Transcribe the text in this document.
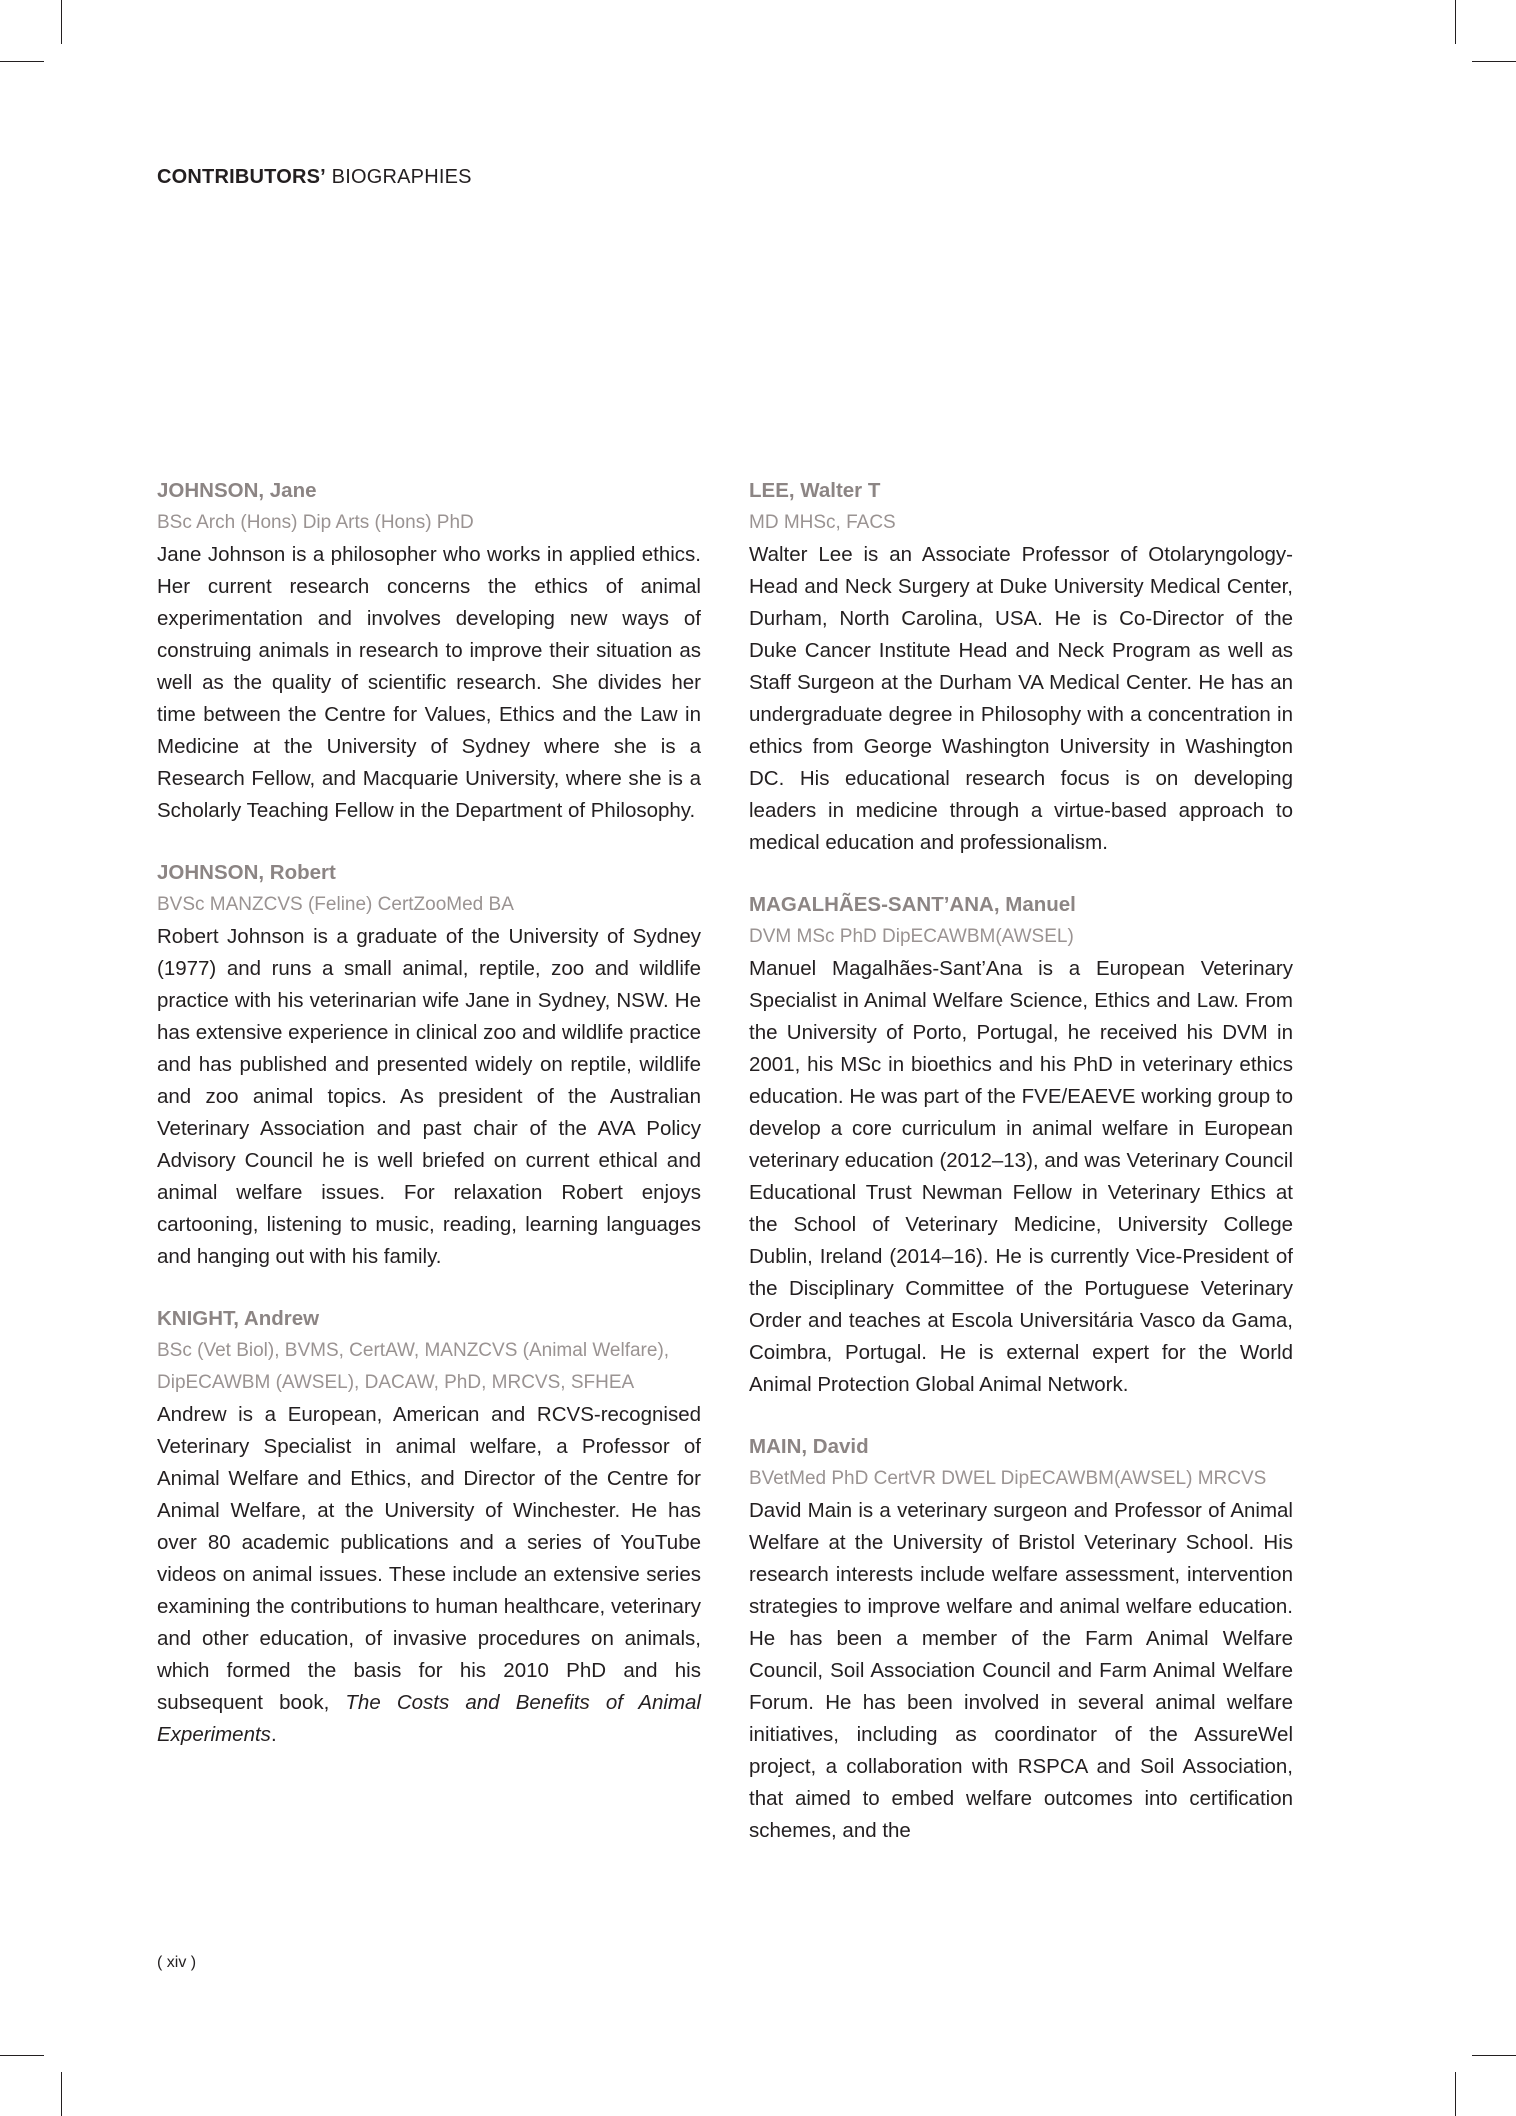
CONTRIBUTORS’ BIOGRAPHIES
JOHNSON, Jane
BSc Arch (Hons) Dip Arts (Hons) PhD
Jane Johnson is a philosopher who works in applied ethics. Her current research concerns the ethics of animal experimentation and involves developing new ways of construing animals in research to improve their situation as well as the quality of scientific research. She divides her time between the Centre for Values, Ethics and the Law in Medicine at the University of Sydney where she is a Research Fellow, and Macquarie University, where she is a Scholarly Teaching Fellow in the Department of Philosophy.
JOHNSON, Robert
BVSc MANZCVS (Feline) CertZooMed BA
Robert Johnson is a graduate of the University of Sydney (1977) and runs a small animal, reptile, zoo and wildlife practice with his veterinarian wife Jane in Sydney, NSW. He has extensive experience in clinical zoo and wildlife practice and has published and presented widely on reptile, wildlife and zoo animal topics. As president of the Australian Veterinary Association and past chair of the AVA Policy Advisory Council he is well briefed on current ethical and animal welfare issues. For relaxation Robert enjoys cartooning, listening to music, reading, learning languages and hanging out with his family.
KNIGHT, Andrew
BSc (Vet Biol), BVMS, CertAW, MANZCVS (Animal Welfare), DipECAWBM (AWSEL), DACAW, PhD, MRCVS, SFHEA
Andrew is a European, American and RCVS-recognised Veterinary Specialist in animal welfare, a Professor of Animal Welfare and Ethics, and Director of the Centre for Animal Welfare, at the University of Winchester. He has over 80 academic publications and a series of YouTube videos on animal issues. These include an extensive series examining the contributions to human healthcare, veterinary and other education, of invasive procedures on animals, which formed the basis for his 2010 PhD and his subsequent book, The Costs and Benefits of Animal Experiments.
LEE, Walter T
MD MHSc, FACS
Walter Lee is an Associate Professor of Otolaryngology-Head and Neck Surgery at Duke University Medical Center, Durham, North Carolina, USA. He is Co-Director of the Duke Cancer Institute Head and Neck Program as well as Staff Surgeon at the Durham VA Medical Center. He has an undergraduate degree in Philosophy with a concentration in ethics from George Washington University in Washington DC. His educational research focus is on developing leaders in medicine through a virtue-based approach to medical education and professionalism.
MAGALHÃES-SANT’ANA, Manuel
DVM MSc PhD DipECAWBM(AWSEL)
Manuel Magalhães-Sant’Ana is a European Veterinary Specialist in Animal Welfare Science, Ethics and Law. From the University of Porto, Portugal, he received his DVM in 2001, his MSc in bioethics and his PhD in veterinary ethics education. He was part of the FVE/EAEVE working group to develop a core curriculum in animal welfare in European veterinary education (2012–13), and was Veterinary Council Educational Trust Newman Fellow in Veterinary Ethics at the School of Veterinary Medicine, University College Dublin, Ireland (2014–16). He is currently Vice-President of the Disciplinary Committee of the Portuguese Veterinary Order and teaches at Escola Universitária Vasco da Gama, Coimbra, Portugal. He is external expert for the World Animal Protection Global Animal Network.
MAIN, David
BVetMed PhD CertVR DWEL DipECAWBM(AWSEL) MRCVS
David Main is a veterinary surgeon and Professor of Animal Welfare at the University of Bristol Veterinary School. His research interests include welfare assessment, intervention strategies to improve welfare and animal welfare education. He has been a member of the Farm Animal Welfare Council, Soil Association Council and Farm Animal Welfare Forum. He has been involved in several animal welfare initiatives, including as coordinator of the AssureWel project, a collaboration with RSPCA and Soil Association, that aimed to embed welfare outcomes into certification schemes, and the
( xiv )
